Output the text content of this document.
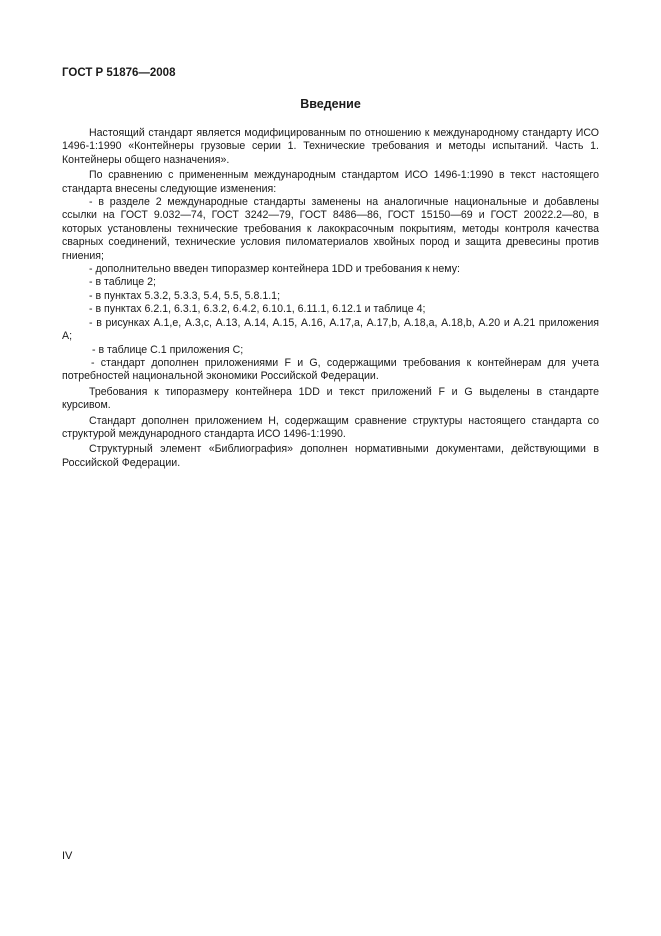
ГОСТ Р 51876—2008
Введение

Настоящий стандарт является модифицированным по отношению к международному стандарту ИСО 1496-1:1990 «Контейнеры грузовые серии 1. Технические требования и методы испытаний. Часть 1. Контейнеры общего назначения».

По сравнению с примененным международным стандартом ИСО 1496-1:1990 в текст настоящего стандарта внесены следующие изменения:

- в разделе 2 международные стандарты заменены на аналогичные национальные и добавлены ссылки на ГОСТ 9.032—74, ГОСТ 3242—79, ГОСТ 8486—86, ГОСТ 15150—69 и ГОСТ 20022.2—80, в которых установлены технические требования к лакокрасочным покрытиям, методы контроля качества сварных соединений, технические условия пиломатериалов хвойных пород и защита древесины против гниения;

- дополнительно введен типоразмер контейнера 1DD и требования к нему:

- в таблице 2;

- в пунктах 5.3.2, 5.3.3, 5.4, 5.5, 5.8.1.1;

- в пунктах 6.2.1, 6.3.1, 6.3.2, 6.4.2, 6.10.1, 6.11.1, 6.12.1 и таблице 4;

- в рисунках А.1,е, А.3,с, А.13, А.14, А.15, А.16, А.17,а, А.17,b, А.18,а, А.18,b, А.20 и А.21 приложения А;

- в таблице С.1 приложения С;

- стандарт дополнен приложениями F и G, содержащими требования к контейнерам для учета потребностей национальной экономики Российской Федерации.

Требования к типоразмеру контейнера 1DD и текст приложений F и G выделены в стандарте курсивом.

Стандарт дополнен приложением Н, содержащим сравнение структуры настоящего стандарта со структурой международного стандарта ИСО 1496-1:1990.

Структурный элемент «Библиография» дополнен нормативными документами, действующими в Российской Федерации.

IV
